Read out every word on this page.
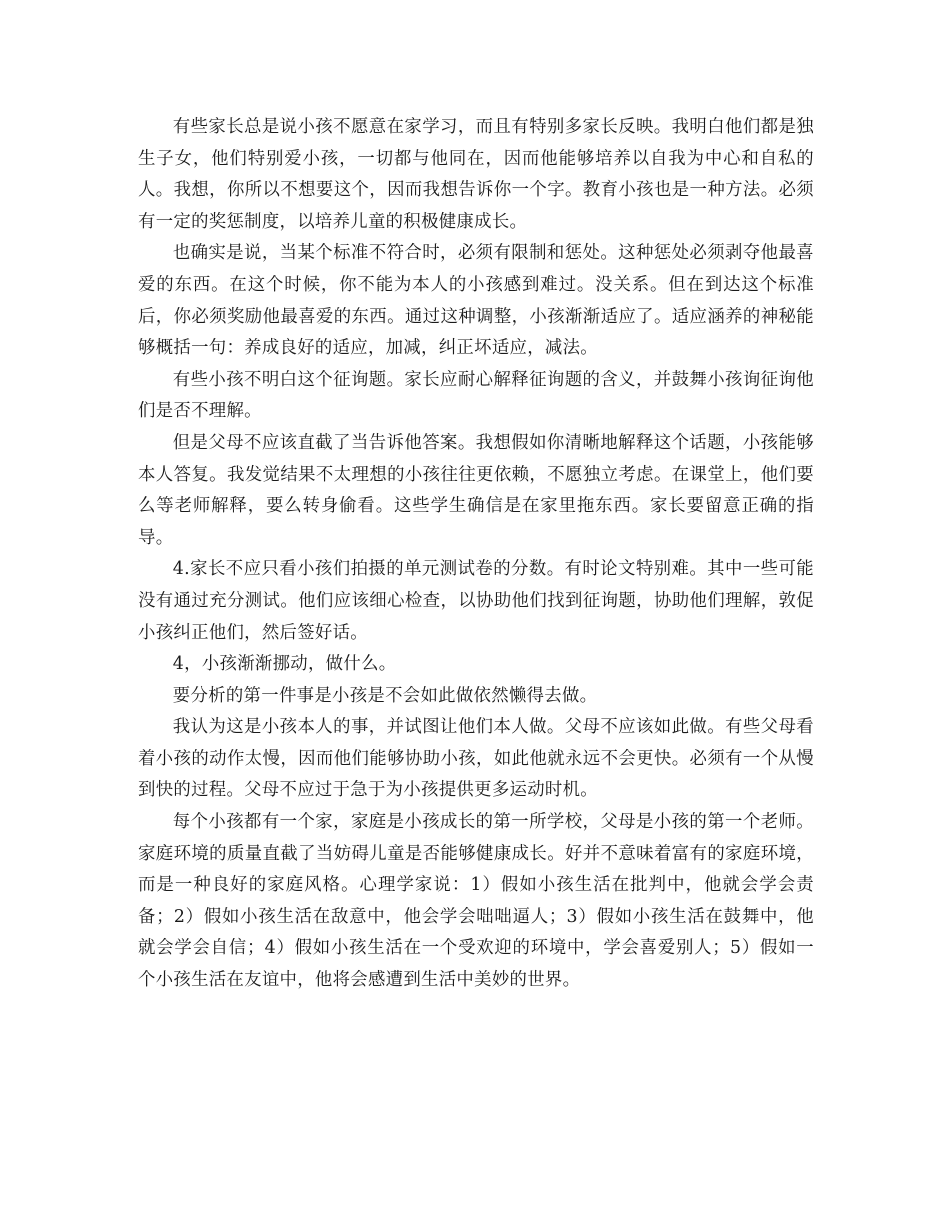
有些家长总是说小孩不愿意在家学习，而且有特别多家长反映。我明白他们都是独生子女，他们特别爱小孩，一切都与他同在，因而他能够培养以自我为中心和自私的人。我想，你所以不想要这个，因而我想告诉你一个字。教育小孩也是一种方法。必须有一定的奖惩制度，以培养儿童的积极健康成长。

也确实是说，当某个标准不符合时，必须有限制和惩处。这种惩处必须剥夺他最喜爱的东西。在这个时候，你不能为本人的小孩感到难过。没关系。但在到达这个标准后，你必须奖励他最喜爱的东西。通过这种调整，小孩渐渐适应了。适应涵养的神秘能够概括一句：养成良好的适应，加减，纠正坏适应，减法。

有些小孩不明白这个征询题。家长应耐心解释征询题的含义，并鼓舞小孩询征询他们是否不理解。

但是父母不应该直截了当告诉他答案。我想假如你清晰地解释这个话题，小孩能够本人答复。我发觉结果不太理想的小孩往往更依赖，不愿独立考虑。在课堂上，他们要么等老师解释，要么转身偷看。这些学生确信是在家里拖东西。家长要留意正确的指导。

4.家长不应只看小孩们拍摄的单元测试卷的分数。有时论文特别难。其中一些可能没有通过充分测试。他们应该细心检查，以协助他们找到征询题，协助他们理解，敦促小孩纠正他们，然后签好话。

4，小孩渐渐挪动，做什么。

要分析的第一件事是小孩是不会如此做依然懒得去做。

我认为这是小孩本人的事，并试图让他们本人做。父母不应该如此做。有些父母看着小孩的动作太慢，因而他们能够协助小孩，如此他就永远不会更快。必须有一个从慢到快的过程。父母不应过于急于为小孩提供更多运动时机。

每个小孩都有一个家，家庭是小孩成长的第一所学校，父母是小孩的第一个老师。家庭环境的质量直截了当妨碍儿童是否能够健康成长。好并不意味着富有的家庭环境，而是一种良好的家庭风格。心理学家说：1）假如小孩生活在批判中，他就会学会责备；2）假如小孩生活在敌意中，他会学会咄咄逼人；3）假如小孩生活在鼓舞中，他就会学会自信；4）假如小孩生活在一个受欢迎的环境中，学会喜爱别人；5）假如一个小孩生活在友谊中，他将会感遭到生活中美妙的世界。
